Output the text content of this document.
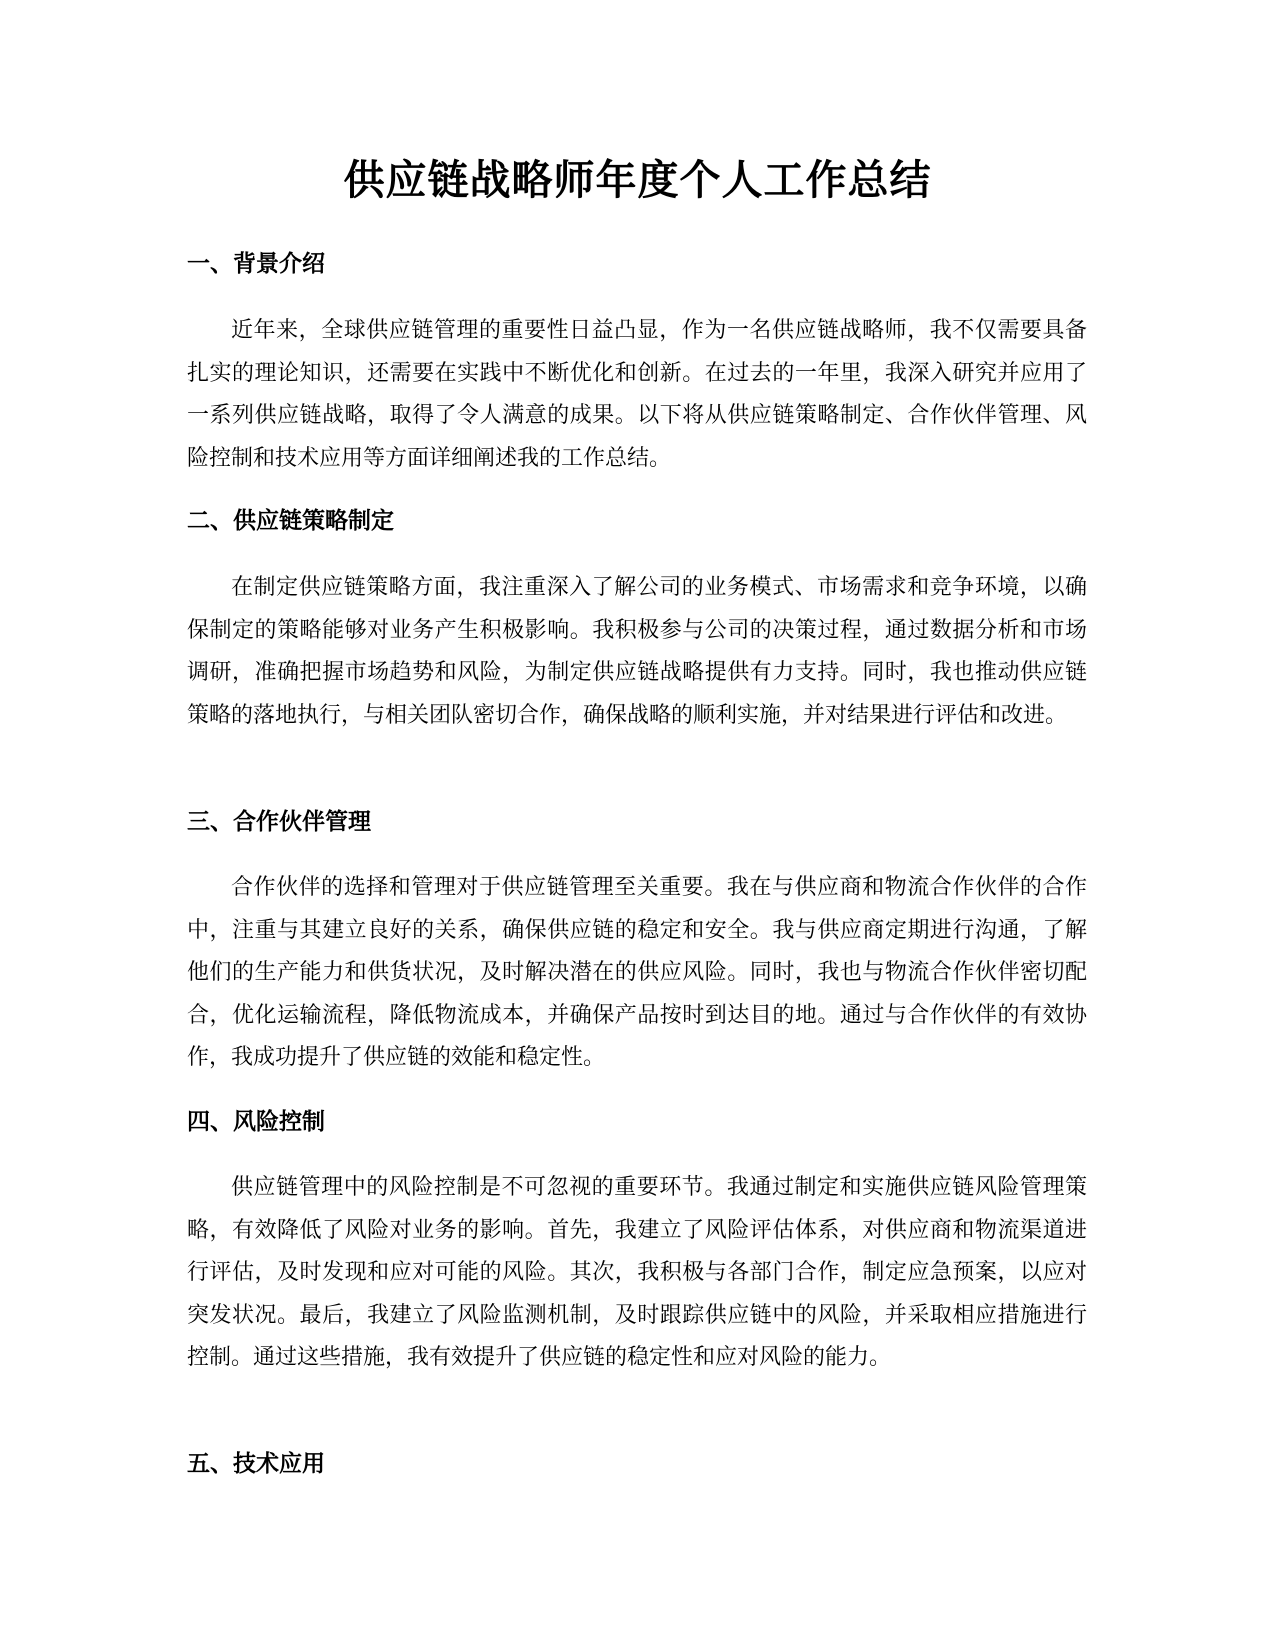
供应链战略师年度个人工作总结
一、背景介绍

近年来，全球供应链管理的重要性日益凸显，作为一名供应链战略师，我不仅需要具备扎实的理论知识，还需要在实践中不断优化和创新。在过去的一年里，我深入研究并应用了一系列供应链战略，取得了令人满意的成果。以下将从供应链策略制定、合作伙伴管理、风险控制和技术应用等方面详细阐述我的工作总结。

二、供应链策略制定

在制定供应链策略方面，我注重深入了解公司的业务模式、市场需求和竞争环境，以确保制定的策略能够对业务产生积极影响。我积极参与公司的决策过程，通过数据分析和市场调研，准确把握市场趋势和风险，为制定供应链战略提供有力支持。同时，我也推动供应链策略的落地执行，与相关团队密切合作，确保战略的顺利实施，并对结果进行评估和改进。

三、合作伙伴管理

合作伙伴的选择和管理对于供应链管理至关重要。我在与供应商和物流合作伙伴的合作中，注重与其建立良好的关系，确保供应链的稳定和安全。我与供应商定期进行沟通，了解他们的生产能力和供货状况，及时解决潜在的供应风险。同时，我也与物流合作伙伴密切配合，优化运输流程，降低物流成本，并确保产品按时到达目的地。通过与合作伙伴的有效协作，我成功提升了供应链的效能和稳定性。

四、风险控制

供应链管理中的风险控制是不可忽视的重要环节。我通过制定和实施供应链风险管理策略，有效降低了风险对业务的影响。首先，我建立了风险评估体系，对供应商和物流渠道进行评估，及时发现和应对可能的风险。其次，我积极与各部门合作，制定应急预案，以应对突发状况。最后，我建立了风险监测机制，及时跟踪供应链中的风险，并采取相应措施进行控制。通过这些措施，我有效提升了供应链的稳定性和应对风险的能力。

五、技术应用
